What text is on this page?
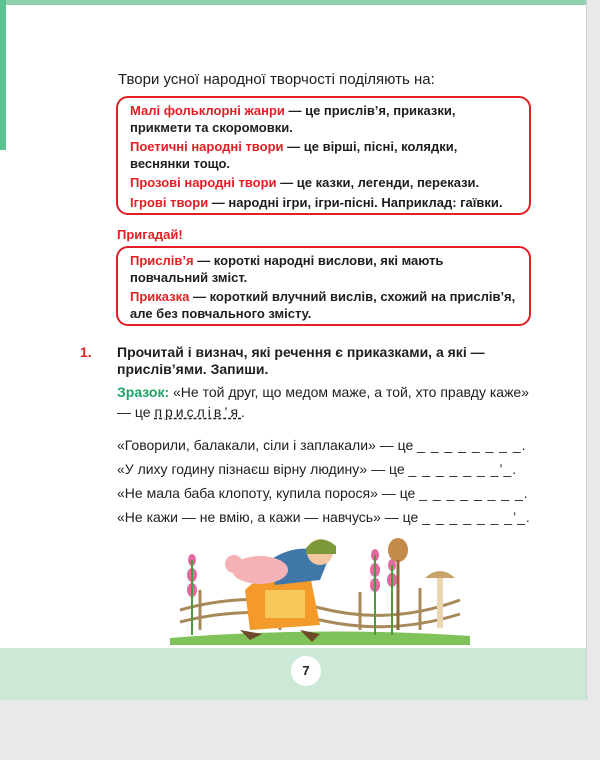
Твори усної народної творчості поділяють на:

Малі фольклорні жанри — це прислів’я, приказки, прикмети та скоромовки.

Поетичні народні твори — це вірші, пісні, колядки, веснянки тощо.

Прозові народні твори — це казки, легенди, перекази.

Ігрові твори — народні ігри, ігри-пісні. Наприклад: гаївки.

Пригадай!

Прислів’я — короткі народні вислови, які мають повчальний зміст.

Приказка — короткий влучний вислів, схожий на прислів’я, але без повчального змісту.

1. Прочитай і визнач, які речення є приказками, а які — прислів’ями. Запиши.
Зразок: «Не той друг, що медом маже, а той, хто правду каже» — це прислів’я.
«Говорили, балакали, сіли і заплакали» — це _ _ _ _ _ _ _ _.
«У лиху годину пізнаєш вірну людину» — це _ _ _ _ _ _ _’_.
«Не мала баба клопоту, купила порося» — це _ _ _ _ _ _ _ _.
«Не кажи — не вмію, а кажи — навчусь» — це _ _ _ _ _ _ _’_.
7
